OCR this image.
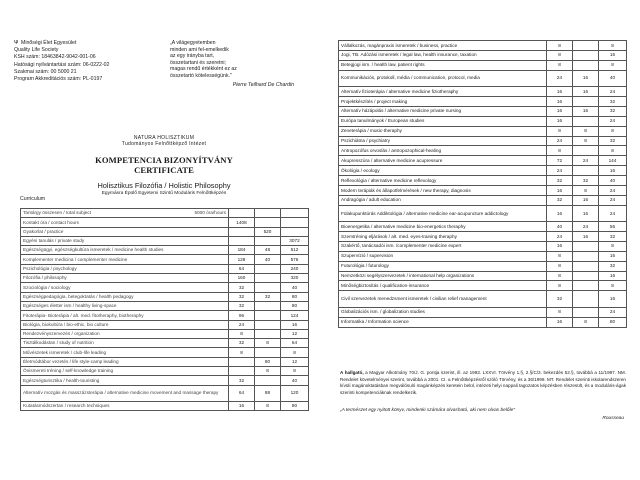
Ψ Minőségi Élet Egyesület
Quality Life Society
KSH szám: 18463842-9042-001-06
Hatósági nyilvántartási szám: 06-0222-02
Szakmai szám: 00 5000 21
Program Akkreditációs szám: PL-0197
„A világegyetemben
minden ami fel-emelkedik
az egy irányba tart,
összetartani és szeretni;
magas rendű értékként ez az
összetartó kötelességünk."
Pierre Teilhard De Chardin
NATURA HOLISZTIKUM
Tudományos Felnőttképző Intézet
KOMPETENCIA BIZONYÍTVÁNY
CERTIFICATE
Holisztikus Filozófia / Holistic Philosophy
Egymásra Épülő Egyetemi Szintű Moduláris Felnőttképzés
Curriculum
Tantárgy összesen / total subject 5000 óra/hours			

Kontakt óra / contact hours	1408		
Gyakorlat / practice		520	
Egyéni tanulás / private study			3072
Egészségügyi, egészségkultúra ismeretek / medicine health studies	184	48	512
Komplementer medicina / complementer medicine	128	40	576
Pszichológia / psychology	64		240
Filozófia / philosophy	160		320
Szociológia / sociology	32		40
Egészségpedagógia, betegoktatás / health pedagogy	32	32	80
Egészséges életter ism / healthy living-space	32		80
Fitoterápia- Bioterápia / alt. med. fitotheraphy, biotheraphy	96		124
Biológia, biokultúra / bio-ethic, bio culture	24		16
Rendezvényszervezés / organization	8		12
Tisztálkodástan / study of nutrition	32	8	64
Művészetek ismeretek / club-life leading	8		8
Életmódtábor vezetés / life style-camp leading		80	12
Önismereti tréning / self-knowledge training		8	8
Egészségturisztika / health-touristing	32		40
Alternatív mozgás és masszázsterápia / alternative medicine movement and massage therapy	64	88	120
Kutatásmódszertan / research techniques	16	8	80
Vállalkozás, magánpraxis ismeretek / business, practice	8		8
Jogi, TB. Adózási ismeretek / legal law, health insurance, taxation	8		16
Betegjogi ism. / health law, patient rights	8		8
Kommunikációs, protokoll, média / communication, protocol, media	24	16	40
Alternatív fizioterápia / alternative medicine fiziotheraphy	16	16	24
Projektkészítés / project making	16		32
Alternatív házápolás / alternative medicine private nursing	16	16	32
Európa tanulmányok / European studies	16		24
Zeneterápia / music-theraphy	8	8	8
Pszichiátria / psychiatry	24	8	32
Antropozófus orvoslás / antropozophical-healing	8		8
Akupresszúra / alternative medicine acupressure	72	24	144
Ökológia / ecology	24		16
Reflexológia / alternative medicine reflexology	32	32	40
Modern terápiák és állapotfelmérések / new therapy, diagnosis	16	8	24
Andragógia / adult education	32	16	24
Fülakupunktúrás Addiktológia / alternative medicine ear-acupuncture addictology	16	16	24
Bioenergetika / alternative medicine bio-energetics theraphy	40	24	56
Szemtréning eljárások / alt. med. eyes-training theraphy	24	16	32
Szakértő, tanácsadói ism. /complementer medicine expert	16		8
Szupervízió / supervision	8		16
Futurológia / futurology	8		32
Nemzetközi segélyszervezetek / international help organizations	8		16
Minőségbiztosítás / qualification-insurance	8		8
Civil szervezetek menedzsment ismeretek / civilian relief management	32		16
Globalizációs ism. / globalization studies	8		24
Informatika / Information science	16	8	80
A hallgató, a Magyar Alkotmány 70/J. G. pontja szerint, ill. az 1993. LXXVI. Törvény 1.§, 2.§/C/3. bekezdés 52.§, továbbá a 11/1997. NM. Rendelet követelményei szerint, továbbá a 2001. CI. a Felnőttképzésről szóló Törvény, és a 36/1999. MT. Rendelet szerinti iskolarendszeren kívüli magánoktatásban megválósuló magánképzés keretein belül, intézeti helyi nappali tagozatos képzésben részesült, és a moduláris-ágak szerinti kompetenciáknak rendelkezik.
„A természet egy nyitott könyv, mindenki számára olvasható, aki nem olvas belőle"
Rousseau
